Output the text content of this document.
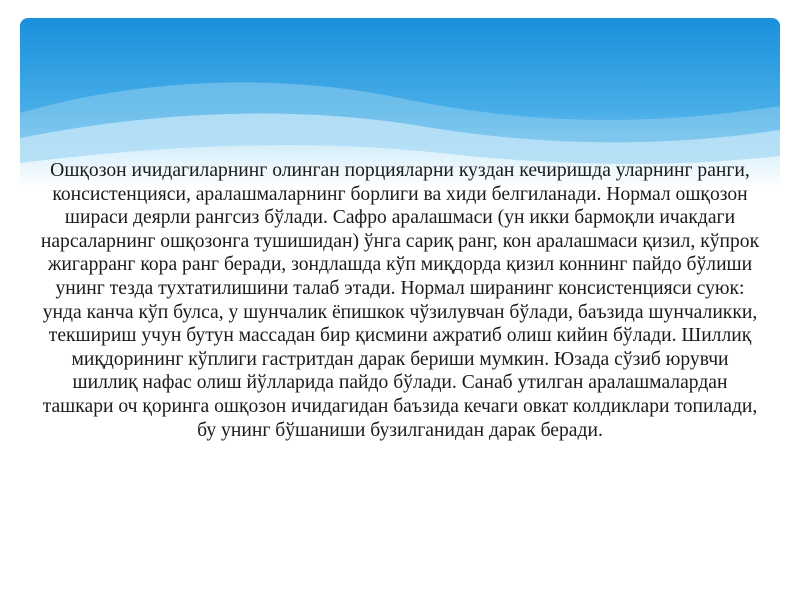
Ошқозон ичидагиларнинг олинган порцияларни куздан кечиришда уларнинг ранги, консистенцияси, аралашмаларнинг борлиги ва хиди белгиланади. Нормал ошқозон шираси деярли рангсиз бўлади. Сафро аралашмаси (ун икки бармоқли ичакдаги нарсаларнинг ошқозонга тушишидан) ўнга сариқ ранг, кон аралашмаси қизил, кўпрок жигарранг кора ранг беради, зондлашда кўп миқдорда қизил коннинг пайдо бўлиши унинг тезда тухтатилишини талаб этади. Нормал ширанинг консистенцияси суюк: унда канча кўп булса, у шунчалик ёпишкок чўзилувчан бўлади, баъзида шунчаликки, текшириш учун бутун массадан бир қисмини ажратиб олиш кийин бўлади. Шиллиқ миқдорининг кўплиги гастритдан дарак бериши мумкин. Юзада сўзиб юрувчи шиллиқ нафас олиш йўлларида пайдо бўлади. Санаб утилган аралашмалардан ташкари оч қоринга ошқозон ичидагидан баъзида кечаги овкат колдиклари топилади, бу унинг бўшаниши бузилганидан дарак беради.
